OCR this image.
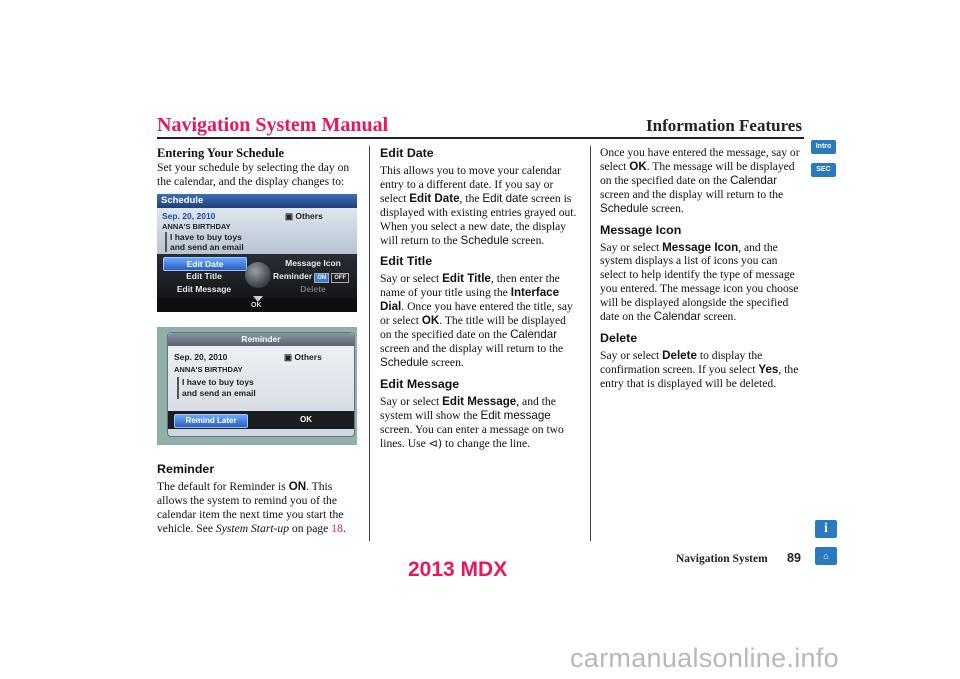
Navigation System Manual	Information Features
Intro
SEC
Entering Your Schedule

Set your schedule by selecting the day on the calendar, and the display changes to:

Schedule
Sep. 20, 2010	▣ Others
ANNA'S BIRTHDAY
I have to buy toys
and send an email
Edit Date
Edit Title
Edit Message
Message Icon
Reminder ON OFF
Delete
OK
Reminder
Sep. 20, 2010	▣ Others
ANNA'S BIRTHDAY
I have to buy toys
and send an email
Remind Later	OK
Reminder

The default for Reminder is ON. This allows the system to remind you of the calendar item the next time you start the vehicle. See System Start-up on page 18.

Edit Date

This allows you to move your calendar entry to a different date. If you say or select Edit Date, the Edit date screen is displayed with existing entries grayed out. When you select a new date, the display will return to the Schedule screen.

Edit Title

Say or select Edit Title, then enter the name of your title using the Interface Dial. Once you have entered the title, say or select OK. The title will be displayed on the specified date on the Calendar screen and the display will return to the Schedule screen.

Edit Message

Say or select Edit Message, and the system will show the Edit message screen. You can enter a message on two lines. Use ⊲) to change the line.

Once you have entered the message, say or select OK. The message will be displayed on the specified date on the Calendar screen and the display will return to the Schedule screen.

Message Icon

Say or select Message Icon, and the system displays a list of icons you can select to help identify the type of message you entered. The message icon you choose will be displayed alongside the specified date on the Calendar screen.

Delete

Say or select Delete to display the confirmation screen. If you select Yes, the entry that is displayed will be deleted.

i
Navigation System 89	⌂
2013 MDX
carmanualsonline.info
